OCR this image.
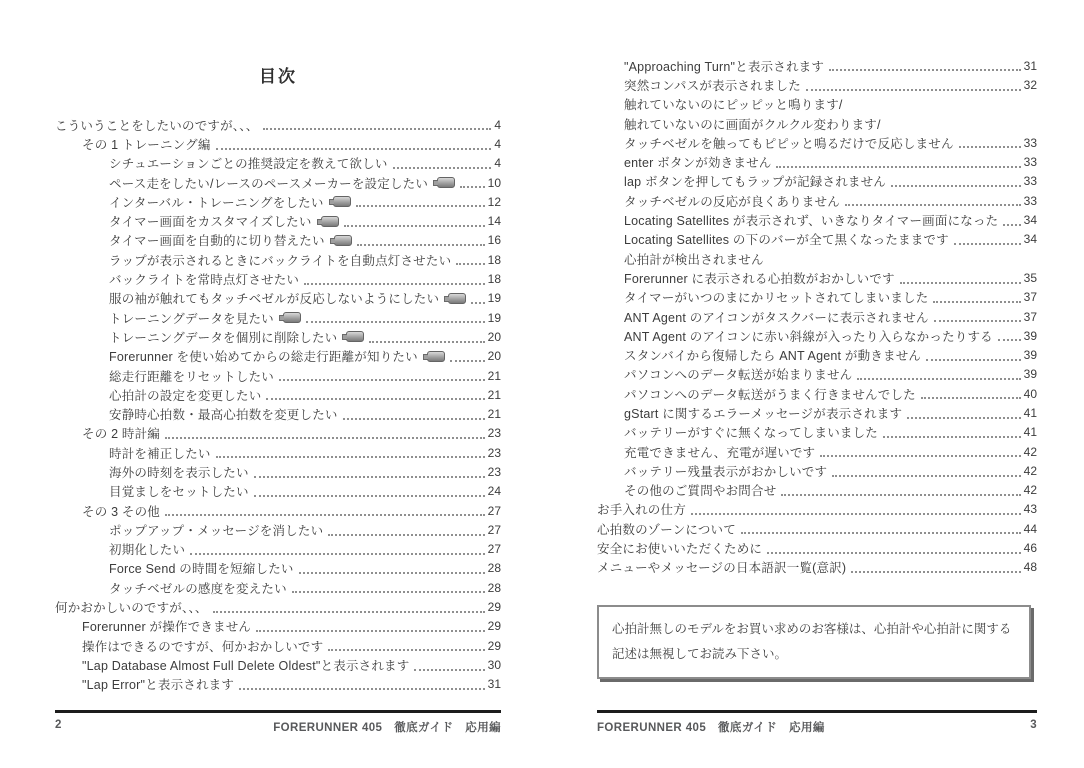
目次
こういうことをしたいのですが、、、	4
その 1 トレーニング編	4
シチュエーションごとの推奨設定を教えて欲しい	4
ペース走をしたい/レースのペースメーカーを設定したい	10
インターバル・トレーニングをしたい	12
タイマー画面をカスタマイズしたい	14
タイマー画面を自動的に切り替えたい	16
ラップが表示されるときにバックライトを自動点灯させたい	18
バックライトを常時点灯させたい	18
服の袖が触れてもタッチベゼルが反応しないようにしたい	19
トレーニングデータを見たい	19
トレーニングデータを個別に削除したい	20
Forerunner を使い始めてからの総走行距離が知りたい	20
総走行距離をリセットしたい	21
心拍計の設定を変更したい	21
安静時心拍数・最高心拍数を変更したい	21
その 2 時計編	23
時計を補正したい	23
海外の時刻を表示したい	23
目覚ましをセットしたい	24
その 3 その他	27
ポップアップ・メッセージを消したい	27
初期化したい	27
Force Send の時間を短縮したい	28
タッチベゼルの感度を変えたい	28
何かおかしいのですが、、、	29
Forerunner が操作できません	29
操作はできるのですが、何かおかしいです	29
"Lap Database Almost Full Delete Oldest"と表示されます	30
"Lap Error"と表示されます	31
2	FORERUNNER 405　徹底ガイド　応用編
"Approaching Turn"と表示されます	31
突然コンパスが表示されました	32
触れていないのにピッピッと鳴ります/
触れていないのに画面がクルクル変わります/
タッチベゼルを触ってもピピッと鳴るだけで反応しません	33
enter ボタンが効きません	33
lap ボタンを押してもラップが記録されません	33
タッチベゼルの反応が良くありません	33
Locating Satellites が表示されず、いきなりタイマー画面になった 34
Locating Satellites の下のバーが全て黒くなったままです	34
心拍計が検出されません
Forerunner に表示される心拍数がおかしいです	35
タイマーがいつのまにかリセットされてしまいました	37
ANT Agent のアイコンがタスクバーに表示されません	37
ANT Agent のアイコンに赤い斜線が入ったり入らなかったりする	39
スタンバイから復帰したら ANT Agent が動きません	39
パソコンへのデータ転送が始まりません	39
パソコンへのデータ転送がうまく行きませんでした	40
gStart に関するエラーメッセージが表示されます	41
バッテリーがすぐに無くなってしまいました	41
充電できません、充電が遅いです	42
バッテリー残量表示がおかしいです	42
その他のご質問やお問合せ	42
お手入れの仕方	43
心拍数のゾーンについて	44
安全にお使いいただくために	46
メニューやメッセージの日本語訳一覧(意訳)	48
心拍計無しのモデルをお買い求めのお客様は、心拍計や心拍計に関する記述は無視してお読み下さい。
FORERUNNER 405　徹底ガイド　応用編	3
